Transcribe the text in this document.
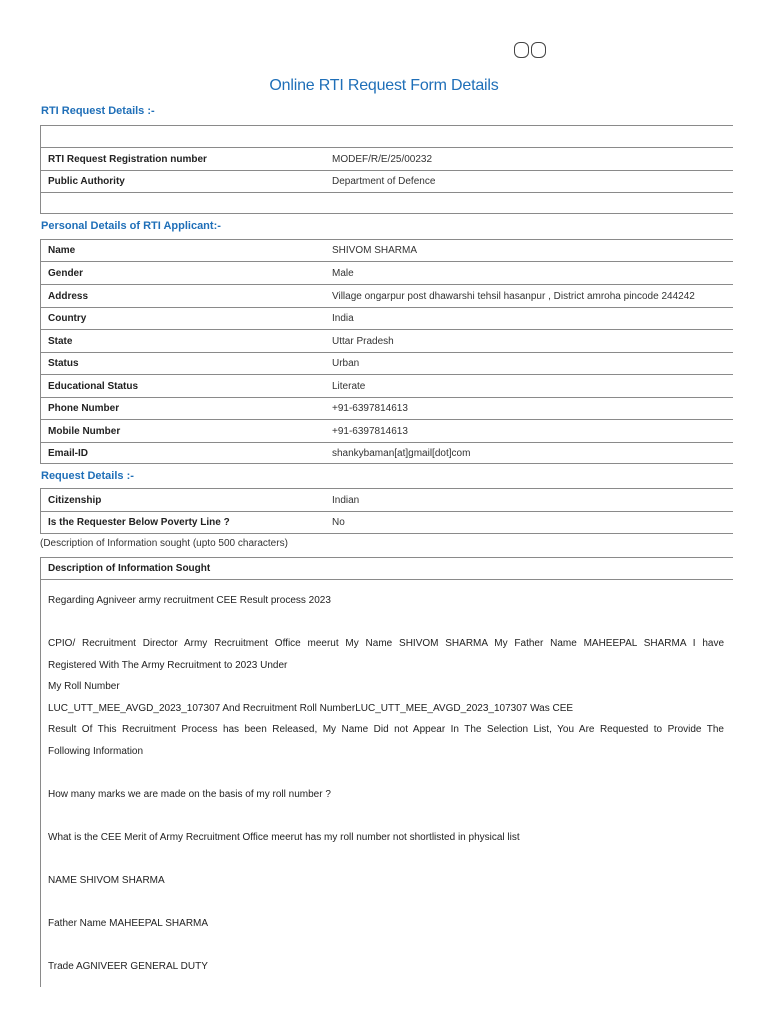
Online RTI Request Form Details
RTI Request Details :-
RTI Request Registration number	MODEF/R/E/25/00232
Public Authority	Department of Defence
Personal Details of RTI Applicant:-
Name	SHIVOM SHARMA
Gender	Male
Address	Village ongarpur post dhawarshi tehsil hasanpur , District amroha pincode 244242
Country	India
State	Uttar Pradesh
Status	Urban
Educational Status	Literate
Phone Number	+91-6397814613
Mobile Number	+91-6397814613
Email-ID	shankybaman[at]gmail[dot]com
Request Details :-
Citizenship	Indian
Is the Requester Below Poverty Line ?	No
(Description of Information sought (upto 500 characters)
Description of Information Sought

Regarding Agniveer army recruitment CEE Result process 2023

CPIO/ Recruitment Director Army Recruitment Office meerut My Name SHIVOM SHARMA My Father Name MAHEEPAL SHARMA I have

Registered With The Army Recruitment to 2023 Under

My Roll Number

LUC_UTT_MEE_AVGD_2023_107307 And Recruitment Roll NumberLUC_UTT_MEE_AVGD_2023_107307 Was CEE

Result Of This Recruitment Process has been Released, My Name Did not Appear In The Selection List, You Are Requested to Provide The

Following Information

How many marks we are made on the basis of my roll number ?

What is the CEE Merit of Army Recruitment Office meerut has my roll number not shortlisted in physical list

NAME SHIVOM SHARMA

Father Name MAHEEPAL SHARMA

Trade AGNIVEER GENERAL DUTY
